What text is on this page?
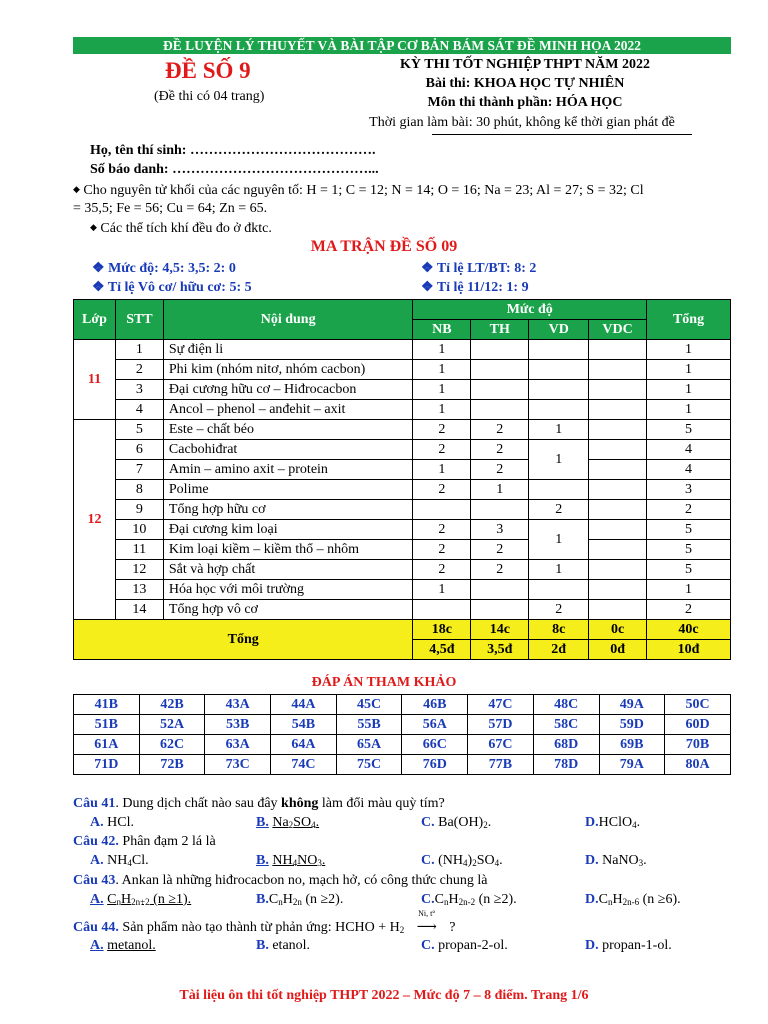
ĐỀ LUYỆN LÝ THUYẾT VÀ BÀI TẬP CƠ BẢN BÁM SÁT ĐỀ MINH HỌA 2022
ĐỀ SỐ 9
(Đề thi có 04 trang)
KỲ THI TỐT NGHIỆP THPT NĂM 2022
Bài thi: KHOA HỌC TỰ NHIÊN
Môn thi thành phần: HÓA HỌC
Thời gian làm bài: 30 phút, không kể thời gian phát đề
Họ, tên thí sinh: ………………………………….
Số báo danh: ……………………………………...
◆ Cho nguyên tử khối của các nguyên tố: H = 1; C = 12; N = 14; O = 16; Na = 23; Al = 27; S = 32; Cl
= 35,5; Fe = 56; Cu = 64; Zn = 65.
◆ Các thể tích khí đều đo ở đktc.
MA TRẬN ĐỀ SỐ 09
❖ Mức độ: 4,5: 3,5: 2: 0	❖ Tỉ lệ LT/BT: 8: 2
❖ Tỉ lệ Vô cơ/ hữu cơ: 5: 5	❖ Tỉ lệ 11/12: 1: 9
Lớp	STT	Nội dung	Mức độ				Tổng
			NB	TH	VD	VDC	
11	1	Sự điện li	1				1
	2	Phi kim (nhóm nitơ, nhóm cacbon)	1				1
	3	Đại cương hữu cơ – Hiđrocacbon	1				1
	4	Ancol – phenol – anđehit – axit	1				1
12	5	Este – chất béo	2	2	1		5
	6	Cacbohiđrat	2	2	1		4
	7	Amin – amino axit – protein	1	2			4
	8	Polime	2	1			3
	9	Tổng hợp hữu cơ			2		2
	10	Đại cương kim loại	2	3	1		5
	11	Kim loại kiềm – kiềm thổ – nhôm	2	2			5
	12	Sắt và hợp chất	2	2	1		5
	13	Hóa học với môi trường	1				1
	14	Tổng hợp vô cơ			2		2
Tổng			18c	14c	8c	0c	40c
			4,5đ	3,5đ	2đ	0đ	10đ
ĐÁP ÁN THAM KHẢO
41B	42B	43A	44A	45C	46B	47C	48C	49A	50C
51B	52A	53B	54B	55B	56A	57D	58C	59D	60D
61A	62C	63A	64A	65A	66C	67C	68D	69B	70B
71D	72B	73C	74C	75C	76D	77B	78D	79A	80A
Câu 41. Dung dịch chất nào sau đây không làm đổi màu quỳ tím?
A. HCl.	B. $Na_2SO_4$.	C. $Ba(OH)_2$.	D.HClO$_4$.
Câu 42. Phân đạm 2 lá là
A. $NH_4Cl$.	B. $NH_4NO_3$.	C. $(NH_4)_2SO_4$.	D. NaNO$_3$.
Câu 43. Ankan là những hiđrocacbon no, mạch hở, có công thức chung là
A. $C_nH_{2n+2}$ (n ≥1).	$B.C_nH_{2n}$ (n ≥2).	$C.C_nH_{2n-2}$ (n ≥2).	$D.C_nH_{2n-6}$ (n ≥6).
Câu 44. Sản phẩm nào tạo thành từ phản ứng: HCHO + $H_2$
Ni, t°
⟶ ?
A. metanol.	B. etanol.	C. propan-2-ol.	D. propan-1-ol.
Tài liệu ôn thi tốt nghiệp THPT 2022 – Mức độ 7 – 8 điểm. Trang 1/6
